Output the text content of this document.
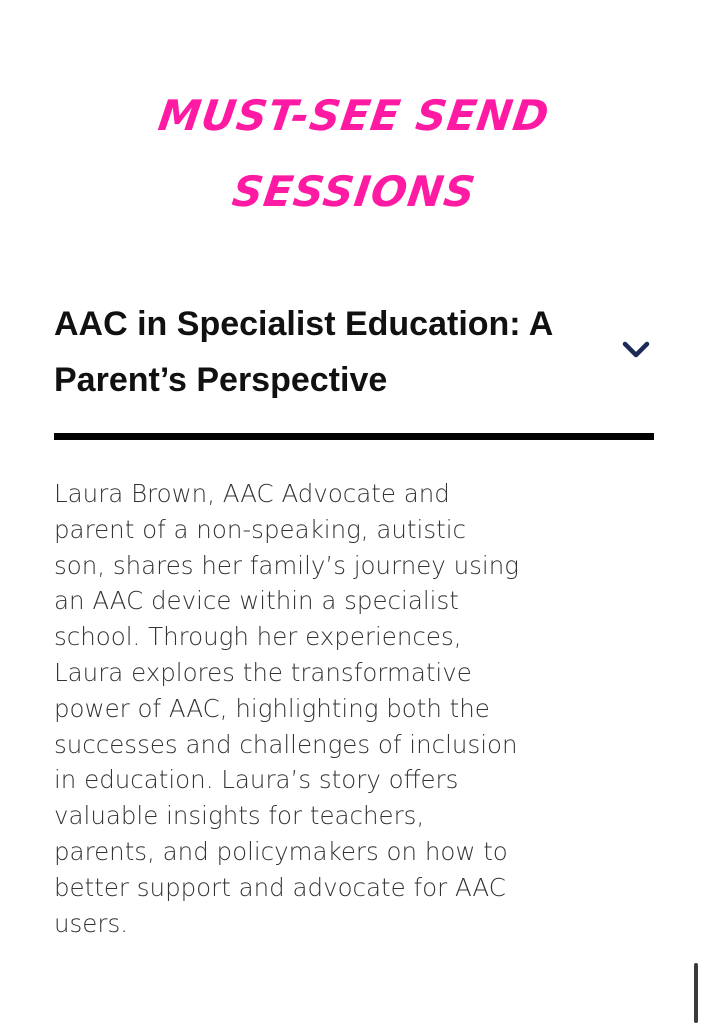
MUST-SEE SEND
SESSIONS
AAC in Specialist Education: A Parent’s Perspective

Laura Brown, AAC Advocate and parent of a non-speaking, autistic son, shares her family’s journey using an AAC device within a specialist school. Through her experiences, Laura explores the transformative power of AAC, highlighting both the successes and challenges of inclusion in education. Laura’s story offers valuable insights for teachers, parents, and policymakers on how to better support and advocate for AAC users.
